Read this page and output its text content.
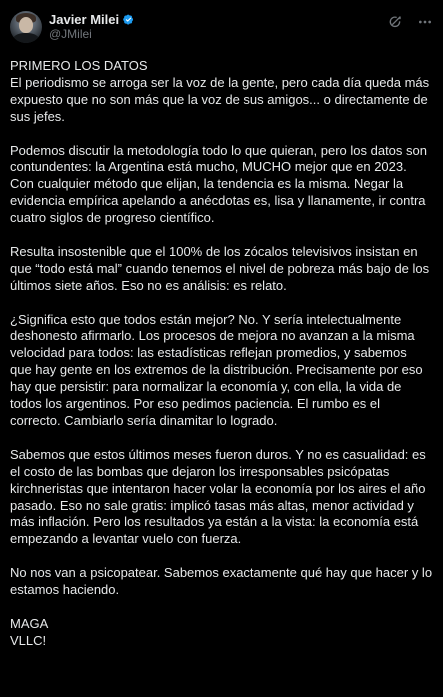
Javier Milei
@JMilei
PRIMERO LOS DATOS
El periodismo se arroga ser la voz de la gente, pero cada día queda más
expuesto que no son más que la voz de sus amigos... o directamente de
sus jefes.
Podemos discutir la metodología todo lo que quieran, pero los datos son
contundentes: la Argentina está mucho, MUCHO mejor que en 2023.
Con cualquier método que elijan, la tendencia es la misma. Negar la
evidencia empírica apelando a anécdotas es, lisa y llanamente, ir contra
cuatro siglos de progreso científico.
Resulta insostenible que el 100% de los zócalos televisivos insistan en
que “todo está mal” cuando tenemos el nivel de pobreza más bajo de los
últimos siete años. Eso no es análisis: es relato.
¿Significa esto que todos están mejor? No. Y sería intelectualmente
deshonesto afirmarlo. Los procesos de mejora no avanzan a la misma
velocidad para todos: las estadísticas reflejan promedios, y sabemos
que hay gente en los extremos de la distribución. Precisamente por eso
hay que persistir: para normalizar la economía y, con ella, la vida de
todos los argentinos. Por eso pedimos paciencia. El rumbo es el
correcto. Cambiarlo sería dinamitar lo logrado.
Sabemos que estos últimos meses fueron duros. Y no es casualidad: es
el costo de las bombas que dejaron los irresponsables psicópatas
kirchneristas que intentaron hacer volar la economía por los aires el año
pasado. Eso no sale gratis: implicó tasas más altas, menor actividad y
más inflación. Pero los resultados ya están a la vista: la economía está
empezando a levantar vuelo con fuerza.
No nos van a psicopatear. Sabemos exactamente qué hay que hacer y lo
estamos haciendo.
MAGA
VLLC!
